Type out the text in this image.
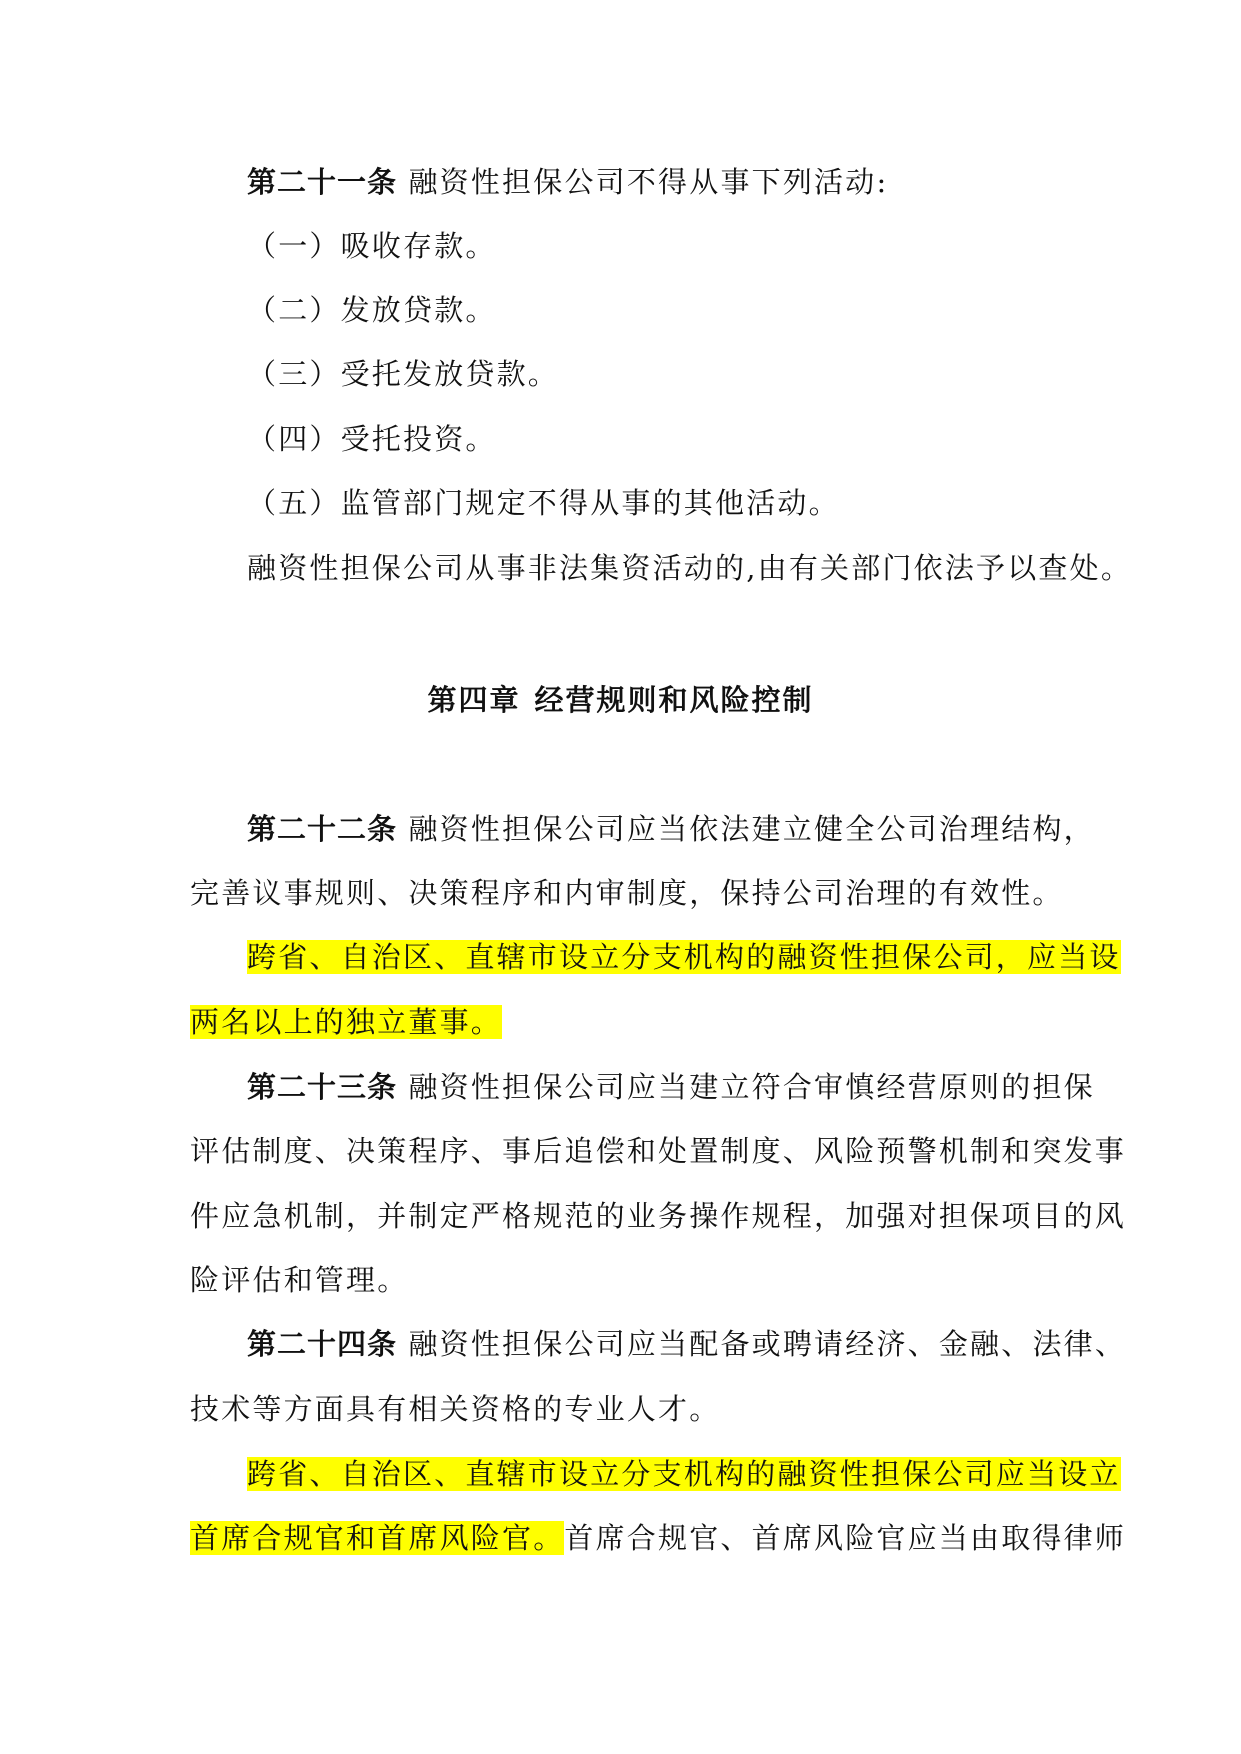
第二十一条 融资性担保公司不得从事下列活动:
（一）吸收存款。
（二）发放贷款。
（三）受托发放贷款。
（四）受托投资。
（五）监管部门规定不得从事的其他活动。
融资性担保公司从事非法集资活动的,由有关部门依法予以查处。
第四章 经营规则和风险控制
第二十二条 融资性担保公司应当依法建立健全公司治理结构，
完善议事规则、决策程序和内审制度，保持公司治理的有效性。
跨省、自治区、直辖市设立分支机构的融资性担保公司，应当设
两名以上的独立董事。
第二十三条 融资性担保公司应当建立符合审慎经营原则的担保
评估制度、决策程序、事后追偿和处置制度、风险预警机制和突发事
件应急机制，并制定严格规范的业务操作规程，加强对担保项目的风
险评估和管理。
第二十四条 融资性担保公司应当配备或聘请经济、金融、法律、
技术等方面具有相关资格的专业人才。
跨省、自治区、直辖市设立分支机构的融资性担保公司应当设立
首席合规官和首席风险官。首席合规官、首席风险官应当由取得律师
